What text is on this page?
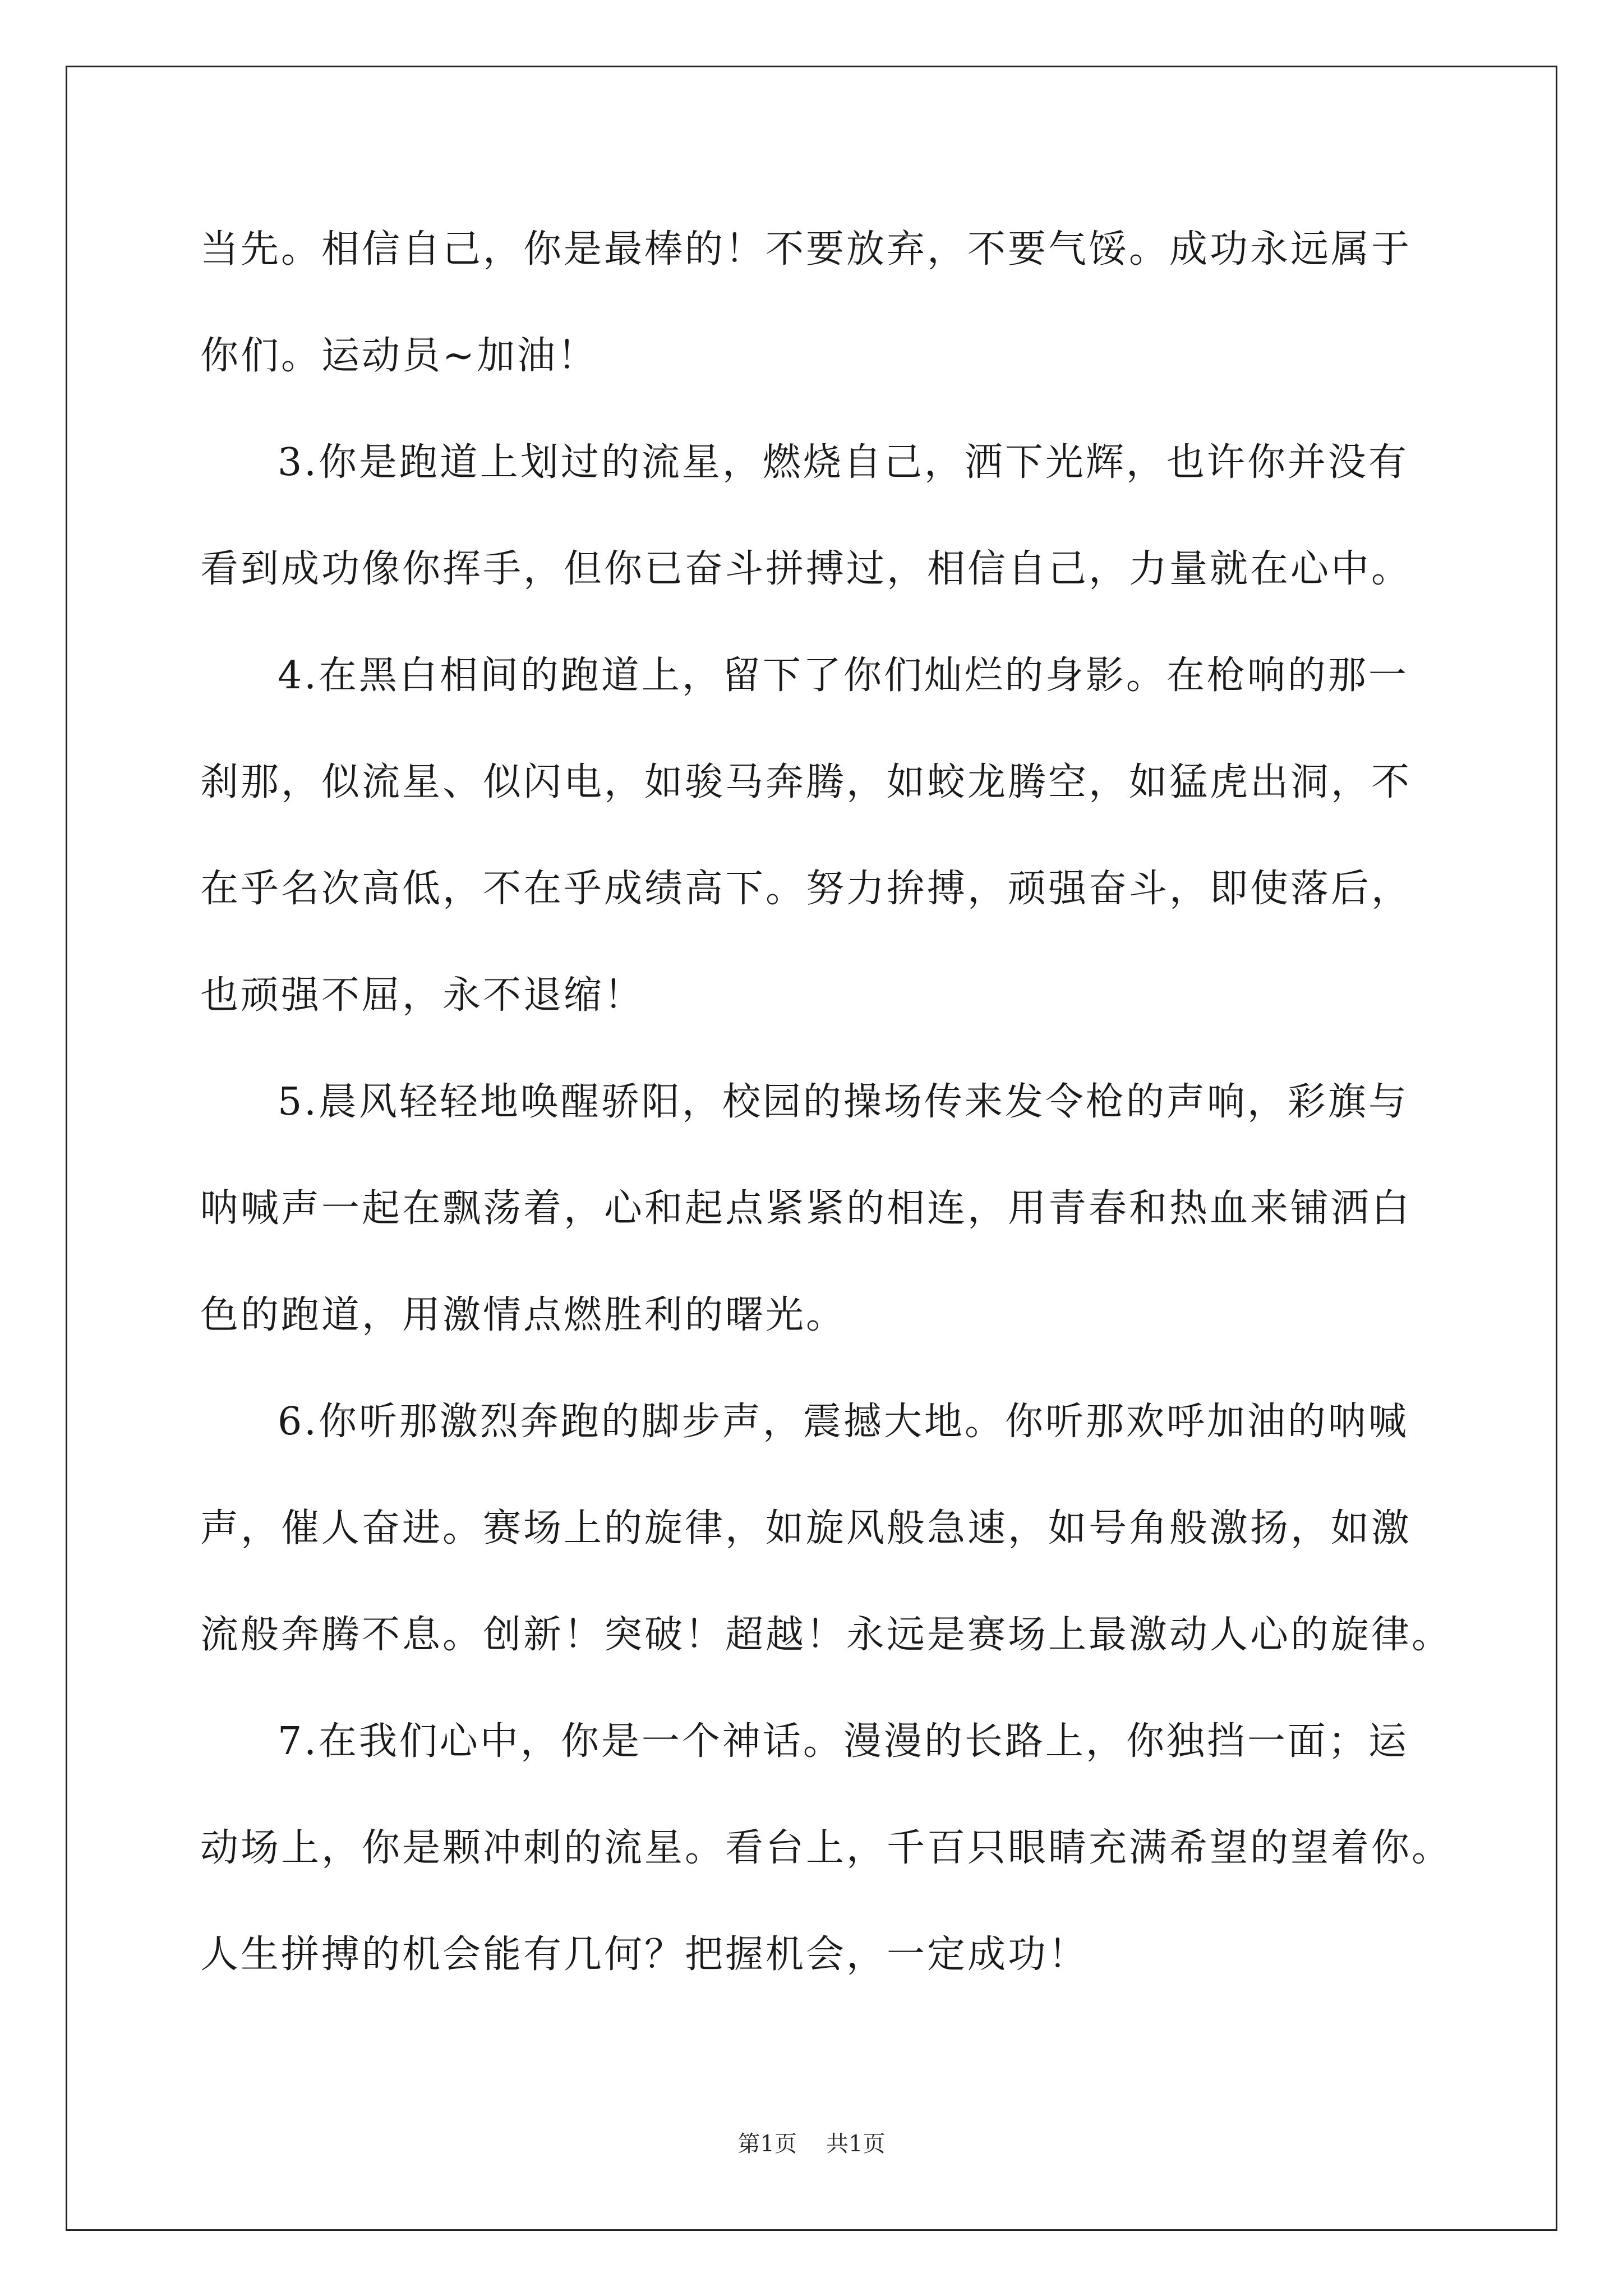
当先。相信自己，你是最棒的！不要放弃，不要气馁。成功永远属于
你们。运动员~加油！
3.你是跑道上划过的流星，燃烧自己，洒下光辉，也许你并没有
看到成功像你挥手，但你已奋斗拼搏过，相信自己，力量就在心中。
4.在黑白相间的跑道上，留下了你们灿烂的身影。在枪响的那一
刹那，似流星、似闪电，如骏马奔腾，如蛟龙腾空，如猛虎出洞，不
在乎名次高低，不在乎成绩高下。努力拚搏，顽强奋斗，即使落后，
也顽强不屈，永不退缩！
5.晨风轻轻地唤醒骄阳，校园的操场传来发令枪的声响，彩旗与
呐喊声一起在飘荡着，心和起点紧紧的相连，用青春和热血来铺洒白
色的跑道，用激情点燃胜利的曙光。
6.你听那激烈奔跑的脚步声，震撼大地。你听那欢呼加油的呐喊
声，催人奋进。赛场上的旋律，如旋风般急速，如号角般激扬，如激
流般奔腾不息。创新！突破！超越！永远是赛场上最激动人心的旋律。
7.在我们心中，你是一个神话。漫漫的长路上，你独挡一面；运
动场上，你是颗冲刺的流星。看台上，千百只眼睛充满希望的望着你。
人生拼搏的机会能有几何？把握机会，一定成功！
第1页 共1页
